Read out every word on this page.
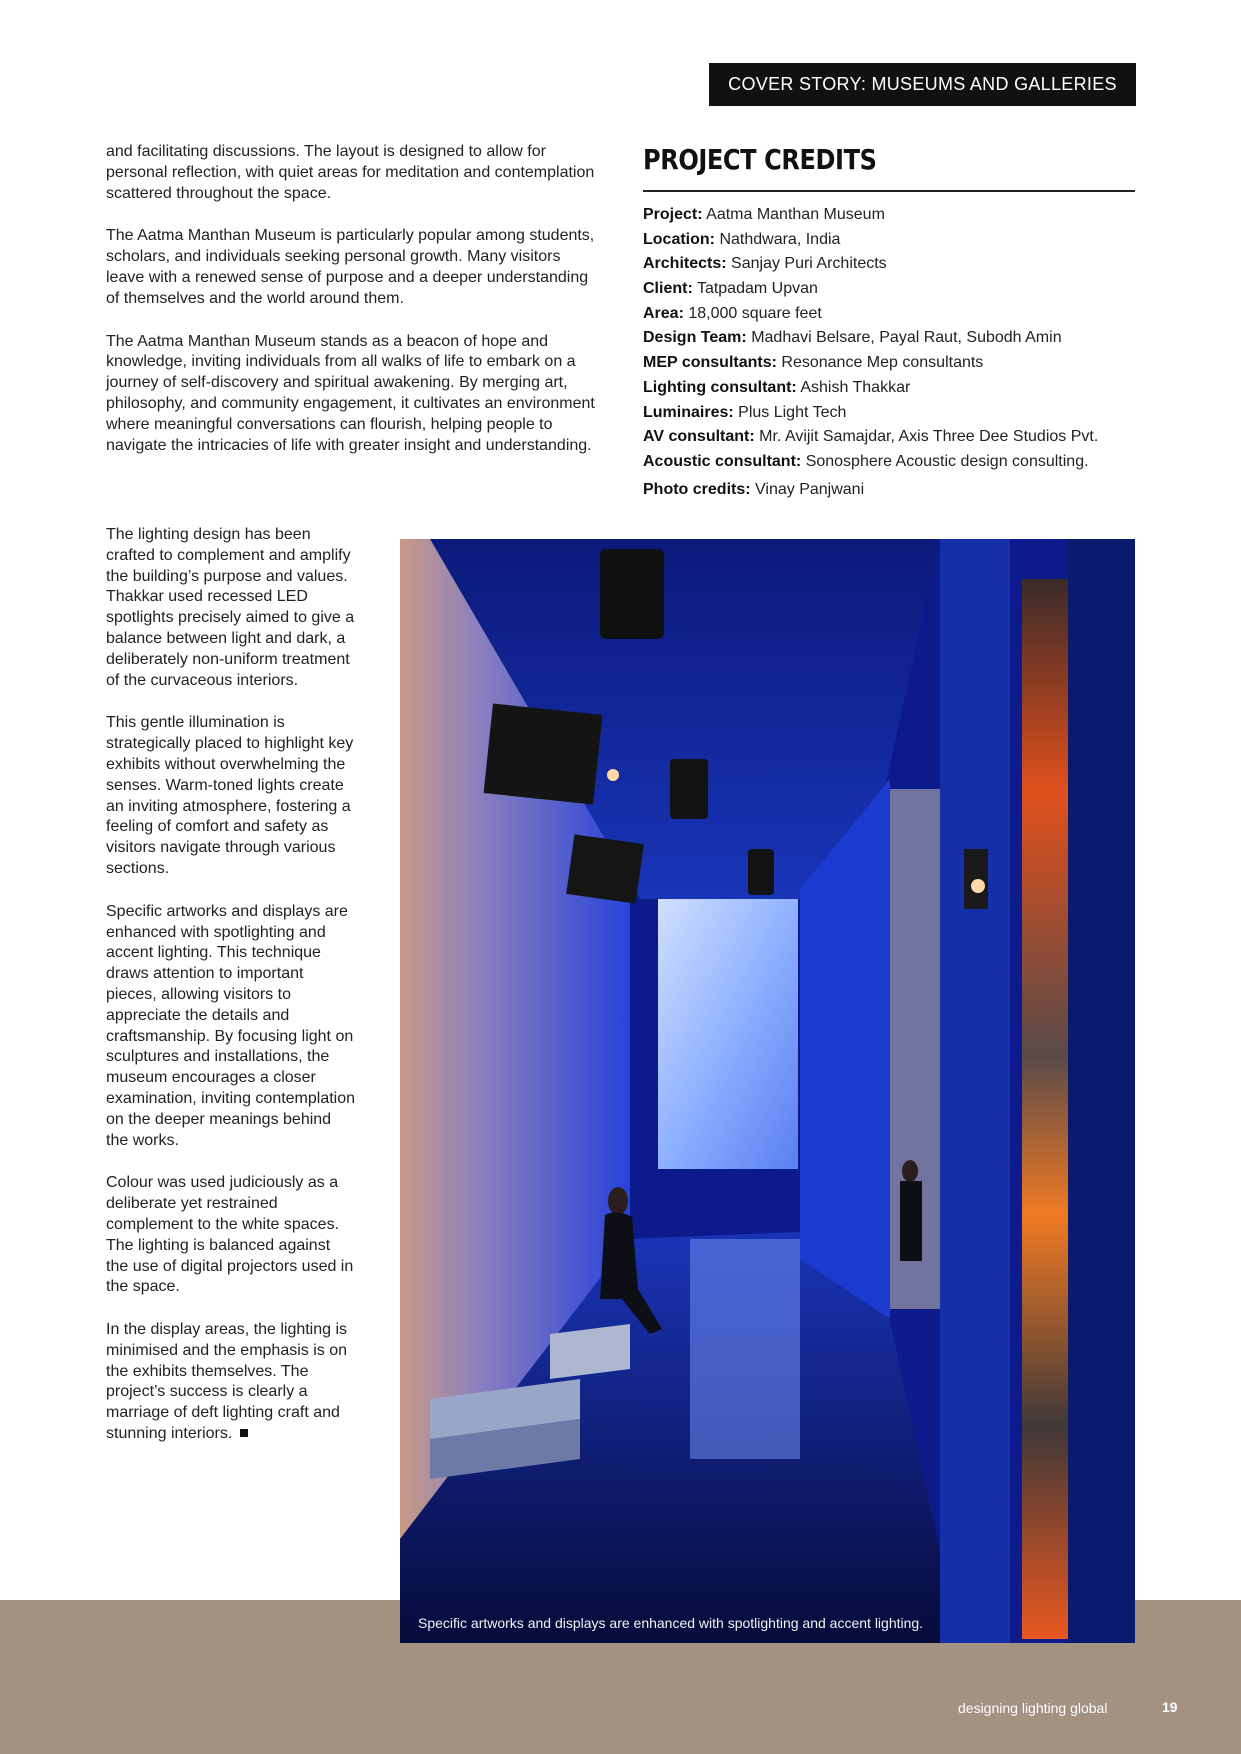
COVER STORY: MUSEUMS AND GALLERIES

and facilitating discussions. The layout is designed to allow for personal reflection, with quiet areas for meditation and contemplation scattered throughout the space.

The Aatma Manthan Museum is particularly popular among students, scholars, and individuals seeking personal growth. Many visitors leave with a renewed sense of purpose and a deeper understanding of themselves and the world around them.

The Aatma Manthan Museum stands as a beacon of hope and knowledge, inviting individuals from all walks of life to embark on a journey of self-discovery and spiritual awakening. By merging art, philosophy, and community engagement, it cultivates an environment where meaningful conversations can flourish, helping people to navigate the intricacies of life with greater insight and understanding.

The lighting design has been crafted to complement and amplify the building’s purpose and values. Thakkar used recessed LED spotlights precisely aimed to give a balance between light and dark, a deliberately non-uniform treatment of the curvaceous interiors.

This gentle illumination is strategically placed to highlight key exhibits without overwhelming the senses. Warm-toned lights create an inviting atmosphere, fostering a feeling of comfort and safety as visitors navigate through various sections.

Specific artworks and displays are enhanced with spotlighting and accent lighting. This technique draws attention to important pieces, allowing visitors to appreciate the details and craftsmanship. By focusing light on sculptures and installations, the museum encourages a closer examination, inviting contemplation on the deeper meanings behind the works.

Colour was used judiciously as a deliberate yet restrained complement to the white spaces. The lighting is balanced against the use of digital projectors used in the space.

In the display areas, the lighting is minimised and the emphasis is on the exhibits themselves. The project’s success is clearly a marriage of deft lighting craft and stunning interiors.

PROJECT CREDITS
Project: Aatma Manthan Museum
Location: Nathdwara, India
Architects: Sanjay Puri Architects
Client: Tatpadam Upvan
Area: 18,000 square feet
Design Team: Madhavi Belsare, Payal Raut, Subodh Amin
MEP consultants: Resonance Mep consultants
Lighting consultant: Ashish Thakkar
Luminaires: Plus Light Tech
AV consultant: Mr. Avijit Samajdar, Axis Three Dee Studios Pvt.
Acoustic consultant: Sonosphere Acoustic design consulting.
Photo credits: Vinay Panjwani
Specific artworks and displays are enhanced with spotlighting and accent lighting.
designing lighting global	19
